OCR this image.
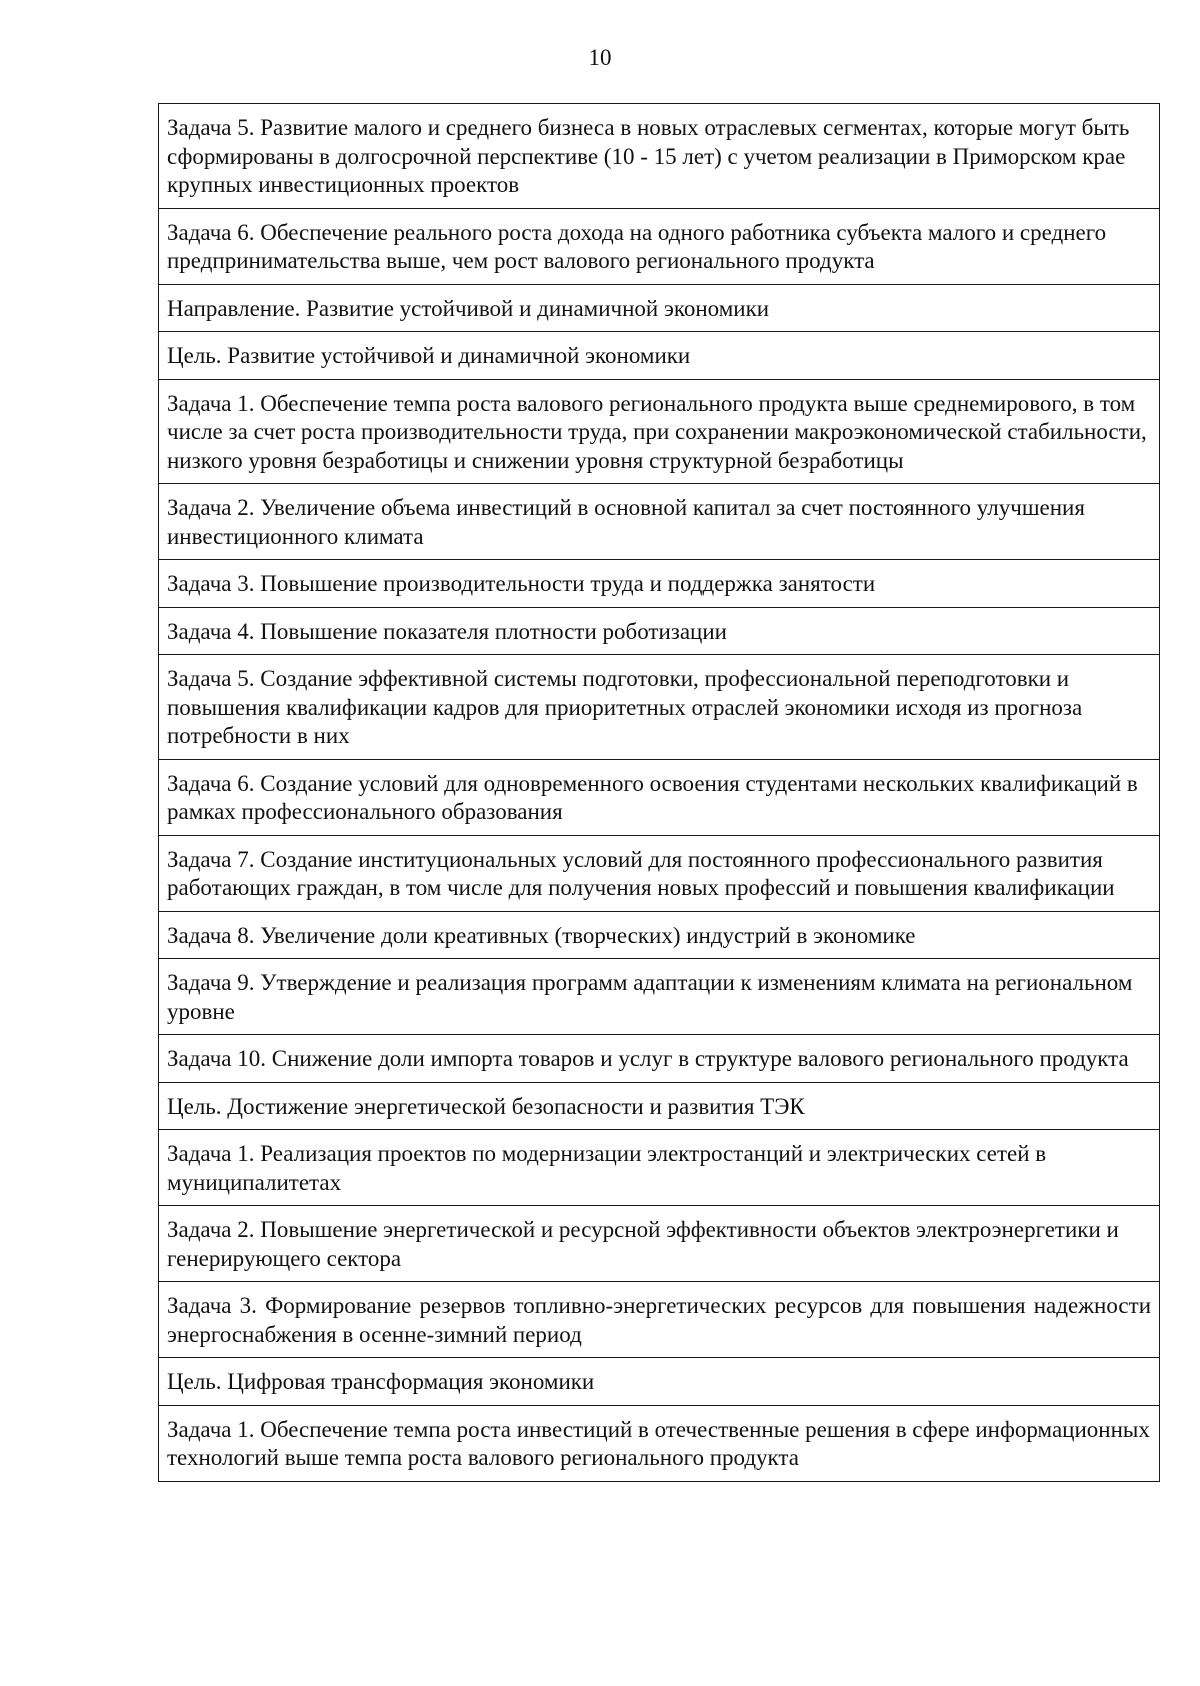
10
Задача 5. Развитие малого и среднего бизнеса в новых отраслевых сегментах, которые могут быть сформированы в долгосрочной перспективе (10 - 15 лет) с учетом реализации в Приморском крае крупных инвестиционных проектов
Задача 6. Обеспечение реального роста дохода на одного работника субъекта малого и среднего предпринимательства выше, чем рост валового регионального продукта
Направление. Развитие устойчивой и динамичной экономики
Цель. Развитие устойчивой и динамичной экономики
Задача 1. Обеспечение темпа роста валового регионального продукта выше среднемирового, в том числе за счет роста производительности труда, при сохранении макроэкономической стабильности, низкого уровня безработицы и снижении уровня структурной безработицы
Задача 2. Увеличение объема инвестиций в основной капитал за счет постоянного улучшения инвестиционного климата
Задача 3. Повышение производительности труда и поддержка занятости
Задача 4. Повышение показателя плотности роботизации
Задача 5. Создание эффективной системы подготовки, профессиональной переподготовки и повышения квалификации кадров для приоритетных отраслей экономики исходя из прогноза потребности в них
Задача 6. Создание условий для одновременного освоения студентами нескольких квалификаций в рамках профессионального образования
Задача 7. Создание институциональных условий для постоянного профессионального развития работающих граждан, в том числе для получения новых профессий и повышения квалификации
Задача 8. Увеличение доли креативных (творческих) индустрий в экономике
Задача 9. Утверждение и реализация программ адаптации к изменениям климата на региональном уровне
Задача 10. Снижение доли импорта товаров и услуг в структуре валового регионального продукта
Цель. Достижение энергетической безопасности и развития ТЭК
Задача 1. Реализация проектов по модернизации электростанций и электрических сетей в муниципалитетах
Задача 2. Повышение энергетической и ресурсной эффективности объектов электроэнергетики и генерирующего сектора
Задача 3. Формирование резервов топливно-энергетических ресурсов для повышения надежности энергоснабжения в осенне-зимний период
Цель. Цифровая трансформация экономики
Задача 1. Обеспечение темпа роста инвестиций в отечественные решения в сфере информационных технологий выше темпа роста валового регионального продукта
